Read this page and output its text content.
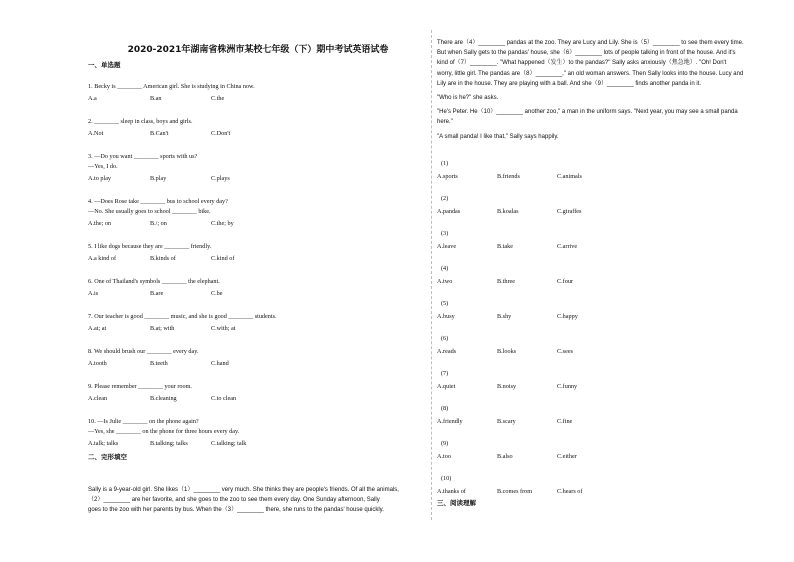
2020-2021年湖南省株洲市某校七年级（下）期中考试英语试卷
一、单选题
1. Becky is ________ American girl. She is studying in China now.
A.a	B.an	C.the
2. ________ sleep in class, boys and girls.
A.Not	B.Can't	C.Don't
3. —Do you want ________ sports with us?
—Yes, I do.
A.to play	B.play	C.plays
4. —Does Rose take ________ bus to school every day?
—No. She usually goes to school ________ bike.
A.the; on	B./; on	C.the; by
5. I like dogs because they are ________ friendly.
A.a kind of	B.kinds of	C.kind of
6. One of Thailand's symbols ________ the elephant.
A.is	B.are	C.be
7. Our teacher is good ________ music, and she is good ________ students.
A.at; at	B.at; with	C.with; at
8. We should brush our ________ every day.
A.tooth	B.teeth	C.hand
9. Please remember ________ your room.
A.clean	B.cleaning	C.to clean
10. —Is Julie ________ on the phone again?
—Yes, she ________ on the phone for three hours every day.
A.talk; talks	B.talking; talks	C.talking; talk
二、完形填空
Sally is a 9-year-old girl. She likes（1）________ very much. She thinks they are people's friends. Of all the animals,
（2）________ are her favorite, and she goes to the zoo to see them every day. One Sunday afternoon, Sally
goes to the zoo with her parents by bus. When the（3）________ there, she runs to the pandas' house quickly.
There are（4）________ pandas at the zoo. They are Lucy and Lily. She is（5）________ to see them every time.
But when Sally gets to the pandas' house, she（6）________ lots of people talking in front of the house. And it's
kind of（7）________. "What happened（发生）to the pandas?" Sally asks anxiously（焦急地）. "Oh! Don't
worry, little girl. The pandas are（8）________," an old woman answers. Then Sally looks into the house. Lucy and
Lily are in the house. They are playing with a ball. And she（9）________ finds another panda in it.
"Who is he?" she asks.
"He's Peter. He（10）________ another zoo," a man in the uniform says. "Next year, you may see a small panda
here."
"A small panda! I like that," Sally says happily.
(1)
A.sports	B.friends	C.animals
(2)
A.pandas	B.koalas	C.giraffes
(3)
A.leave	B.take	C.arrive
(4)
A.two	B.three	C.four
(5)
A.busy	B.shy	C.happy
(6)
A.reads	B.looks	C.sees
(7)
A.quiet	B.noisy	C.funny
(8)
A.friendly	B.scary	C.fine
(9)
A.too	B.also	C.either
(10)
A.thanks of	B.comes from	C.hears of
三、阅读理解
